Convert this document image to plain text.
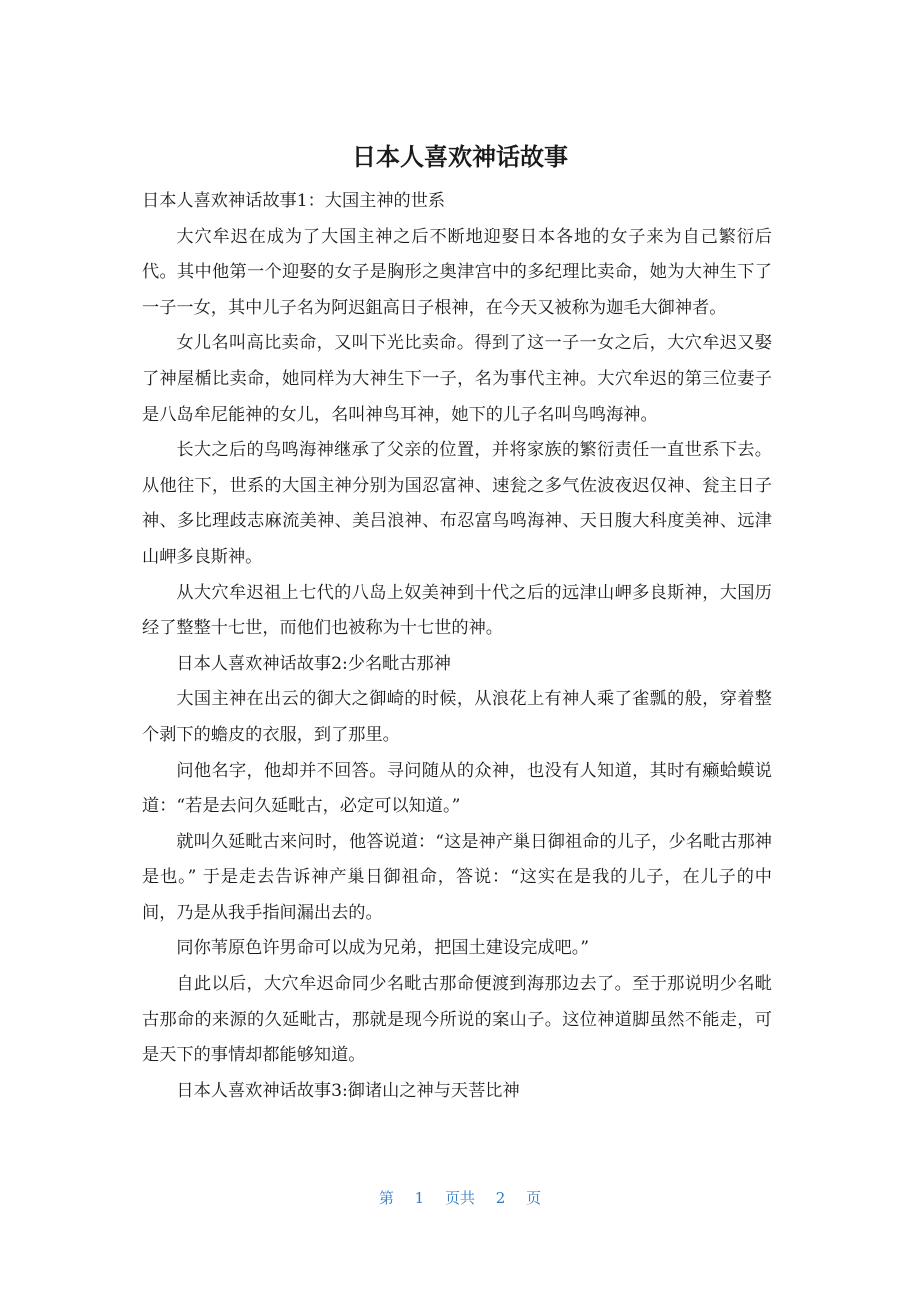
日本人喜欢神话故事

日本人喜欢神话故事1：大国主神的世系

大穴牟迟在成为了大国主神之后不断地迎娶日本各地的女子来为自己繁衍后代。其中他第一个迎娶的女子是胸形之奥津宫中的多纪理比卖命，她为大神生下了一子一女，其中儿子名为阿迟鉏高日子根神，在今天又被称为迦毛大御神者。

女儿名叫高比卖命，又叫下光比卖命。得到了这一子一女之后，大穴牟迟又娶了神屋楯比卖命，她同样为大神生下一子，名为事代主神。大穴牟迟的第三位妻子是八岛牟尼能神的女儿，名叫神鸟耳神，她下的儿子名叫鸟鸣海神。

长大之后的鸟鸣海神继承了父亲的位置，并将家族的繁衍责任一直世系下去。从他往下，世系的大国主神分别为国忍富神、速瓮之多气佐波夜迟仅神、瓮主日子神、多比理歧志麻流美神、美吕浪神、布忍富鸟鸣海神、天日腹大科度美神、远津山岬多良斯神。

从大穴牟迟祖上七代的八岛上奴美神到十代之后的远津山岬多良斯神，大国历经了整整十七世，而他们也被称为十七世的神。

日本人喜欢神话故事2:少名毗古那神

大国主神在出云的御大之御崎的时候，从浪花上有神人乘了雀瓢的般，穿着整个剥下的蟾皮的衣服，到了那里。

问他名字，他却并不回答。寻问随从的众神，也没有人知道，其时有癞蛤蟆说道：“若是去问久延毗古，必定可以知道。”

就叫久延毗古来问时，他答说道：“这是神产巢日御祖命的儿子，少名毗古那神是也。” 于是走去告诉神产巢日御祖命，答说：“这实在是我的儿子，在儿子的中间，乃是从我手指间漏出去的。

同你苇原色许男命可以成为兄弟，把国土建设完成吧。”

自此以后，大穴牟迟命同少名毗古那命便渡到海那边去了。至于那说明少名毗古那命的来源的久延毗古，那就是现今所说的案山子。这位神道脚虽然不能走，可是天下的事情却都能够知道。

日本人喜欢神话故事3:御诸山之神与天菩比神

第 1 页共 2 页
